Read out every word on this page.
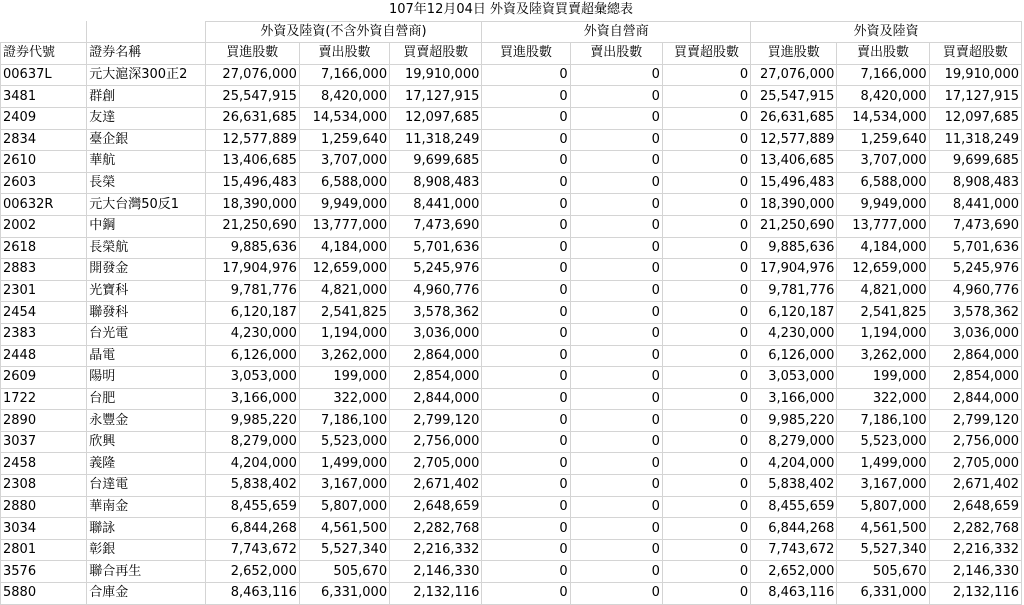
107年12月04日 外資及陸資買賣超彙總表										
		外資及陸資(不含外資自營商)			外資自營商			外資及陸資		
證券代號	證券名稱	買進股數	賣出股數	買賣超股數	買進股數	賣出股數	買賣超股數	買進股數	賣出股數	買賣超股數
00637L	元大滬深300正2	27,076,000	7,166,000	19,910,000	0	0	0	27,076,000	7,166,000	19,910,000
3481	群創	25,547,915	8,420,000	17,127,915	0	0	0	25,547,915	8,420,000	17,127,915
2409	友達	26,631,685	14,534,000	12,097,685	0	0	0	26,631,685	14,534,000	12,097,685
2834	臺企銀	12,577,889	1,259,640	11,318,249	0	0	0	12,577,889	1,259,640	11,318,249
2610	華航	13,406,685	3,707,000	9,699,685	0	0	0	13,406,685	3,707,000	9,699,685
2603	長榮	15,496,483	6,588,000	8,908,483	0	0	0	15,496,483	6,588,000	8,908,483
00632R	元大台灣50反1	18,390,000	9,949,000	8,441,000	0	0	0	18,390,000	9,949,000	8,441,000
2002	中鋼	21,250,690	13,777,000	7,473,690	0	0	0	21,250,690	13,777,000	7,473,690
2618	長榮航	9,885,636	4,184,000	5,701,636	0	0	0	9,885,636	4,184,000	5,701,636
2883	開發金	17,904,976	12,659,000	5,245,976	0	0	0	17,904,976	12,659,000	5,245,976
2301	光寶科	9,781,776	4,821,000	4,960,776	0	0	0	9,781,776	4,821,000	4,960,776
2454	聯發科	6,120,187	2,541,825	3,578,362	0	0	0	6,120,187	2,541,825	3,578,362
2383	台光電	4,230,000	1,194,000	3,036,000	0	0	0	4,230,000	1,194,000	3,036,000
2448	晶電	6,126,000	3,262,000	2,864,000	0	0	0	6,126,000	3,262,000	2,864,000
2609	陽明	3,053,000	199,000	2,854,000	0	0	0	3,053,000	199,000	2,854,000
1722	台肥	3,166,000	322,000	2,844,000	0	0	0	3,166,000	322,000	2,844,000
2890	永豐金	9,985,220	7,186,100	2,799,120	0	0	0	9,985,220	7,186,100	2,799,120
3037	欣興	8,279,000	5,523,000	2,756,000	0	0	0	8,279,000	5,523,000	2,756,000
2458	義隆	4,204,000	1,499,000	2,705,000	0	0	0	4,204,000	1,499,000	2,705,000
2308	台達電	5,838,402	3,167,000	2,671,402	0	0	0	5,838,402	3,167,000	2,671,402
2880	華南金	8,455,659	5,807,000	2,648,659	0	0	0	8,455,659	5,807,000	2,648,659
3034	聯詠	6,844,268	4,561,500	2,282,768	0	0	0	6,844,268	4,561,500	2,282,768
2801	彰銀	7,743,672	5,527,340	2,216,332	0	0	0	7,743,672	5,527,340	2,216,332
3576	聯合再生	2,652,000	505,670	2,146,330	0	0	0	2,652,000	505,670	2,146,330
5880	合庫金	8,463,116	6,331,000	2,132,116	0	0	0	8,463,116	6,331,000	2,132,116
